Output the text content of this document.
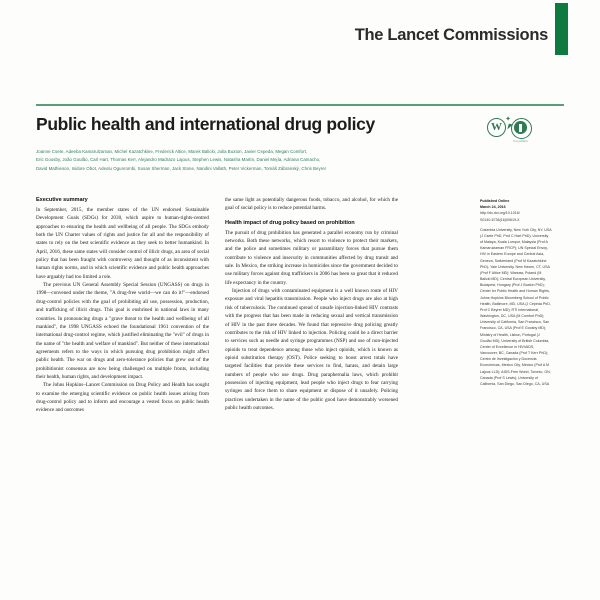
The Lancet Commissions
Public health and international drug policy
Joanne Csete, Adeeba Kamarulzaman, Michel Kazatchkine, Frederick Altice, Marek Balicki, Julia Buxton, Javier Cepeda, Megan Comfort,
Eric Goosby, João Goulão, Carl Hart, Thomas Kerr, Alejandro Madrazo Lajous, Stephen Lewis, Natasha Martin, Daniel Mejía, Adriana Camacho,
David Mathieson, Isidore Obot, Adeolu Ogunrombi, Susan Sherman, Jack Stone, Nandini Vallath, Peter Vickerman, Tomáš Zábranský, Chris Beyrer
W
✦
CrossMark
Executive summary

In September, 2015, the member states of the UN endorsed Sustainable Development Goals (SDGs) for 2030, which aspire to human-rights-centred approaches to ensuring the health and wellbeing of all people. The SDGs embody both the UN Charter values of rights and justice for all and the responsibility of states to rely on the best scientific evidence as they seek to better humankind. In April, 2016, these same states will consider control of illicit drugs, an area of social policy that has been fraught with controversy and thought of as inconsistent with human rights norms, and in which scientific evidence and public health approaches have arguably had too limited a role.

The previous UN General Assembly Special Session (UNGASS) on drugs in 1998—convened under the theme, "A drug-free world—we can do it!"—endorsed drug-control policies with the goal of prohibiting all use, possession, production, and trafficking of illicit drugs. This goal is enshrined in national laws in many countries. In pronouncing drugs a "grave threat to the health and wellbeing of all mankind", the 1998 UNGASS echoed the foundational 1961 convention of the international drug-control regime, which justified eliminating the "evil" of drugs in the name of "the health and welfare of mankind". But neither of these international agreements refers to the ways in which pursuing drug prohibition might affect public health. The war on drugs and zero-tolerance policies that grew out of the prohibitionist consensus are now being challenged on multiple fronts, including their health, human rights, and development impact.

The Johns Hopkins–Lancet Commission on Drug Policy and Health has sought to examine the emerging scientific evidence on public health issues arising from drug-control policy and to inform and encourage a vested focus on public health evidence and outcomes

the same light as potentially dangerous foods, tobacco, and alcohol, for which the goal of social policy is to reduce potential harms.

Health impact of drug policy based on prohibition

The pursuit of drug prohibition has generated a parallel economy run by criminal networks. Both these networks, which resort to violence to protect their markets, and the police and sometimes military or paramilitary forces that pursue them contribute to violence and insecurity in communities affected by drug transit and sale. In Mexico, the striking increase in homicides since the government decided to use military forces against drug traffickers in 2006 has been so great that it reduced life expectancy in the country.

Injection of drugs with contaminated equipment is a well known route of HIV exposure and viral hepatitis transmission. People who inject drugs are also at high risk of tuberculosis. The continued spread of unsafe injection-linked HIV contrasts with the progress that has been made in reducing sexual and vertical transmission of HIV in the past three decades. We found that repressive drug policing greatly contributes to the risk of HIV linked to injection. Policing could be a direct barrier to services such as needle and syringe programmes (NSP) and use of non-injected opioids to treat dependence among those who inject opioids, which is known as opioid substitution therapy (OST). Police seeking to boost arrest totals have targeted facilities that provide these services to find, harass, and detain large numbers of people who use drugs. Drug paraphernalia laws, which prohibit possession of injecting equipment, lead people who inject drugs to fear carrying syringes and force them to share equipment or dispose of it unsafely. Policing practices undertaken in the name of the public good have demonstrably worsened public health outcomes.

Published Online
March 24, 2016
http://dx.doi.org/10.1016/
S0140-6736(16)00619-X
Columbia University, New York City, NY, USA (J Csete PhD, Prof C Hart PhD); University of Malaya, Kuala Lumpur, Malaysia (Prof A Kamarulzaman FRCP); UN Special Envoy, HIV in Eastern Europe and Central Asia, Geneva, Switzerland (Prof M Kazatchkine PhD); Yale University, New Haven, CT, USA (Prof F Altice MD); Warsaw, Poland (M Balicki MD); Central European University, Budapest, Hungary (Prof J Buxton PhD); Center for Public Health and Human Rights, Johns Hopkins Bloomberg School of Public Health, Baltimore, MD, USA (J Cepeda PhD, Prof C Beyrer MD); RTI International, Washington, DC, USA (M Comfort PhD); University of California, San Francisco, San Francisco, CA, USA (Prof E Goosby MD); Ministry of Health, Lisbon, Portugal (J Goulão MD); University of British Columbia, Center of Excellence in HIV/AIDS, Vancouver, BC, Canada (Prof T Kerr PhD); Centro de Investigación y Docencia Económicas, Mexico City, Mexico (Prof A M Lajous LLD); AIDS-Free World, Toronto, ON, Canada (Prof S Lewis); University of California, San Diego, San Diego, CA, USA
